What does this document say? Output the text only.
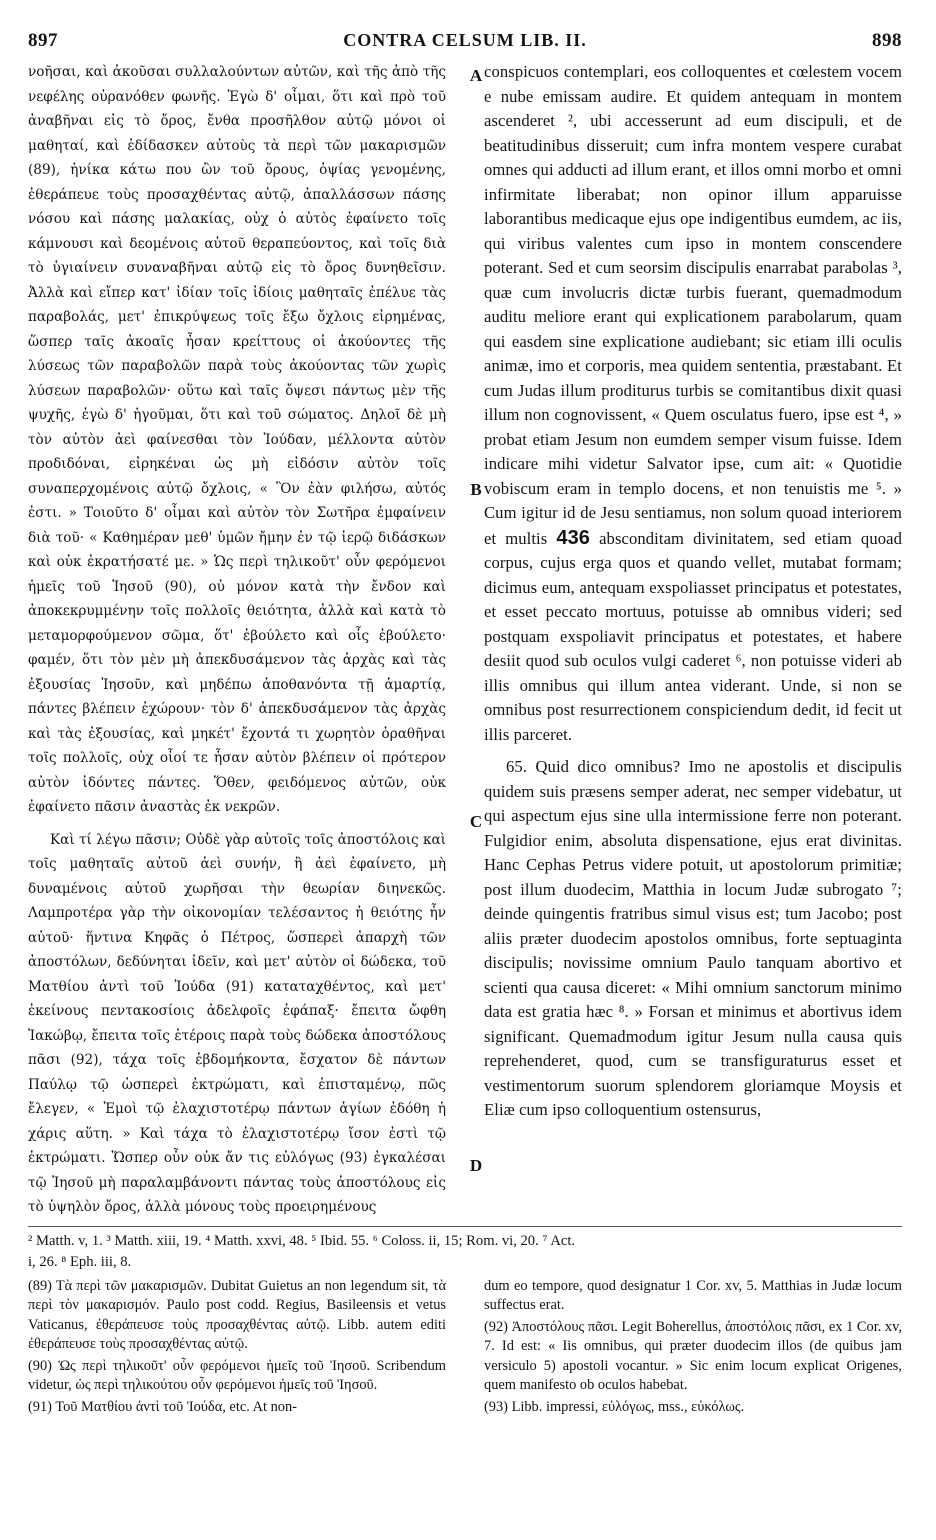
897	CONTRA CELSUM LIB. II.	898
A
B
C
D

νοῆσαι, καὶ ἀκοῦσαι συλλαλούντων αὐτῶν, καὶ τῆς ἀπὸ τῆς νεφέλης οὐρανόθεν φωνῆς. Ἐγὼ δ' οἶμαι, ὅτι καὶ πρὸ τοῦ ἀναβῆναι εἰς τὸ ὄρος, ἔνθα προσῆλθον αὐτῷ μόνοι οἱ μαθηταί, καὶ ἐδίδασκεν αὐτοὺς τὰ περὶ τῶν μακαρισμῶν (89), ἡνίκα κάτω που ὢν τοῦ ὄρους, ὀψίας γενομένης, ἐθεράπευε τοὺς προσαχθέντας αὐτῷ, ἀπαλλάσσων πάσης νόσου καὶ πάσης μαλακίας, οὐχ ὁ αὐτὸς ἐφαίνετο τοῖς κάμνουσι καὶ δεομένοις αὐτοῦ θεραπεύοντος, καὶ τοῖς διὰ τὸ ὑγιαίνειν συναναβῆναι αὐτῷ εἰς τὸ ὄρος δυνηθεῖσιν. Ἀλλὰ καὶ εἴπερ κατ' ἰδίαν τοῖς ἰδίοις μαθηταῖς ἐπέλυε τὰς παραβολάς, μετ' ἐπικρύψεως τοῖς ἔξω ὄχλοις εἰρημένας, ὥσπερ ταῖς ἀκοαῖς ἦσαν κρείττους οἱ ἀκούοντες τῆς λύσεως τῶν παραβολῶν παρὰ τοὺς ἀκούοντας τῶν χωρὶς λύσεων παραβολῶν· οὕτω καὶ ταῖς ὄψεσι πάντως μὲν τῆς ψυχῆς, ἐγὼ δ' ἡγοῦμαι, ὅτι καὶ τοῦ σώματος. Δηλοῖ δὲ μὴ τὸν αὐτὸν ἀεὶ φαίνεσθαι τὸν Ἰούδαν, μέλλοντα αὐτὸν προδιδόναι, εἰρηκέναι ὡς μὴ εἰδόσιν αὐτὸν τοῖς συναπερχομένοις αὐτῷ ὄχλοις, « Ὃν ἐὰν φιλήσω, αὐτός ἐστι. » Τοιοῦτο δ' οἶμαι καὶ αὐτὸν τὸν Σωτῆρα ἐμφαίνειν διὰ τοῦ· « Καθημέραν μεθ' ὑμῶν ἤμην ἐν τῷ ἱερῷ διδάσκων καὶ οὐκ ἐκρατήσατέ με. » Ὡς περὶ τηλικοῦτ' οὖν φερόμενοι ἡμεῖς τοῦ Ἰησοῦ (90), οὐ μόνον κατὰ τὴν ἔνδον καὶ ἀποκεκρυμμένην τοῖς πολλοῖς θειότητα, ἀλλὰ καὶ κατὰ τὸ μεταμορφούμενον σῶμα, ὅτ' ἐβούλετο καὶ οἷς ἐβούλετο· φαμέν, ὅτι τὸν μὲν μὴ ἀπεκδυσάμενον τὰς ἀρχὰς καὶ τὰς ἐξουσίας Ἰησοῦν, καὶ μηδέπω ἀποθανόντα τῇ ἁμαρτίᾳ, πάντες βλέπειν ἐχώρουν· τὸν δ' ἀπεκδυσάμενον τὰς ἀρχὰς καὶ τὰς ἐξουσίας, καὶ μηκέτ' ἔχοντά τι χωρητὸν ὁραθῆναι τοῖς πολλοῖς, οὐχ οἷοί τε ἦσαν αὐτὸν βλέπειν οἱ πρότερον αὐτὸν ἰδόντες πάντες. Ὅθεν, φειδόμενος αὐτῶν, οὐκ ἐφαίνετο πᾶσιν ἀναστὰς ἐκ νεκρῶν.

Καὶ τί λέγω πᾶσιν; Οὐδὲ γὰρ αὐτοῖς τοῖς ἀποστόλοις καὶ τοῖς μαθηταῖς αὐτοῦ ἀεὶ συνήν, ἢ ἀεὶ ἐφαίνετο, μὴ δυναμένοις αὐτοῦ χωρῆσαι τὴν θεωρίαν διηνεκῶς. Λαμπροτέρα γὰρ τὴν οἰκονομίαν τελέσαντος ἡ θειότης ἦν αὐτοῦ· ἥντινα Κηφᾶς ὁ Πέτρος, ὥσπερεὶ ἀπαρχὴ τῶν ἀποστόλων, δεδύνηται ἰδεῖν, καὶ μετ' αὐτὸν οἱ δώδεκα, τοῦ Ματθίου ἀντὶ τοῦ Ἰούδα (91) καταταχθέντος, καὶ μετ' ἐκείνους πεντακοσίοις ἀδελφοῖς ἐφάπαξ· ἔπειτα ὤφθη Ἰακώβῳ, ἔπειτα τοῖς ἑτέροις παρὰ τοὺς δώδεκα ἀποστόλους πᾶσι (92), τάχα τοῖς ἑβδομήκοντα, ἔσχατον δὲ πάντων Παύλῳ τῷ ὡσπερεὶ ἐκτρώματι, καὶ ἐπισταμένῳ, πῶς ἔλεγεν, « Ἐμοὶ τῷ ἐλαχιστοτέρῳ πάντων ἁγίων ἐδόθη ἡ χάρις αὕτη. » Καὶ τάχα τὸ ἐλαχιστοτέρῳ ἴσον ἐστὶ τῷ ἐκτρώματι. Ὥσπερ οὖν οὐκ ἄν τις εὐλόγως (93) ἐγκαλέσαι τῷ Ἰησοῦ μὴ παραλαμβάνοντι πάντας τοὺς ἀποστόλους εἰς τὸ ὑψηλὸν ὄρος, ἀλλὰ μόνους τοὺς προειρημένους

conspicuos contemplari, eos colloquentes et cœlestem vocem e nube emissam audire. Et quidem antequam in montem ascenderet ², ubi accesserunt ad eum discipuli, et de beatitudinibus disseruit; cum infra montem vespere curabat omnes qui adducti ad illum erant, et illos omni morbo et omni infirmitate liberabat; non opinor illum apparuisse laborantibus medicaque ejus ope indigentibus eumdem, ac iis, qui viribus valentes cum ipso in montem conscendere poterant. Sed et cum seorsim discipulis enarrabat parabolas ³, quæ cum involucris dictæ turbis fuerant, quemadmodum auditu meliore erant qui explicationem parabolarum, quam qui easdem sine explicatione audiebant; sic etiam illi oculis animæ, imo et corporis, mea quidem sententia, præstabant. Et cum Judas illum proditurus turbis se comitantibus dixit quasi illum non cognovissent, « Quem osculatus fuero, ipse est ⁴, » probat etiam Jesum non eumdem semper visum fuisse. Idem indicare mihi videtur Salvator ipse, cum ait: « Quotidie vobiscum eram in templo docens, et non tenuistis me ⁵. » Cum igitur id de Jesu sentiamus, non solum quoad interiorem et multis 436 absconditam divinitatem, sed etiam quoad corpus, cujus erga quos et quando vellet, mutabat formam; dicimus eum, antequam exspoliasset principatus et potestates, et esset peccato mortuus, potuisse ab omnibus videri; sed postquam exspoliavit principatus et potestates, et habere desiit quod sub oculos vulgi caderet ⁶, non potuisse videri ab illis omnibus qui illum antea viderant. Unde, si non se omnibus post resurrectionem conspiciendum dedit, id fecit ut illis parceret.

65. Quid dico omnibus? Imo ne apostolis et discipulis quidem suis præsens semper aderat, nec semper videbatur, ut qui aspectum ejus sine ulla intermissione ferre non poterant. Fulgidior enim, absoluta dispensatione, ejus erat divinitas. Hanc Cephas Petrus videre potuit, ut apostolorum primitiæ; post illum duodecim, Matthia in locum Judæ subrogato ⁷; deinde quingentis fratribus simul visus est; tum Jacobo; post aliis præter duodecim apostolos omnibus, forte septuaginta discipulis; novissime omnium Paulo tanquam abortivo et scienti qua causa diceret: « Mihi omnium sanctorum minimo data est gratia hæc ⁸. » Forsan et minimus et abortivus idem significant. Quemadmodum igitur Jesum nulla causa quis reprehenderet, quod, cum se transfiguraturus esset et vestimentorum suorum splendorem gloriamque Moysis et Eliæ cum ipso colloquentium ostensurus,

² Matth. v, 1. ³ Matth. xiii, 19. ⁴ Matth. xxvi, 48. ⁵ Ibid. 55. ⁶ Coloss. ii, 15; Rom. vi, 20. ⁷ Act.
i, 26. ⁸ Eph. iii, 8.

(89) Τὰ περὶ τῶν μακαρισμῶν. Dubitat Guietus an non legendum sit, τὰ περὶ τὸν μακαρισμόν. Paulo post codd. Regius, Basileensis et vetus Vaticanus, ἐθεράπευσε τοὺς προσαχθέντας αὐτῷ. Libb. autem editi ἐθεράπευσε τοὺς προσαχθέντας αὐτῷ.

(90) Ὡς περὶ τηλικοῦτ' οὖν φερόμενοι ἡμεῖς τοῦ Ἰησοῦ. Scribendum videtur, ὡς περὶ τηλικούτου οὖν φερόμενοι ἡμεῖς τοῦ Ἰησοῦ.

(91) Τοῦ Ματθίου ἀντὶ τοῦ Ἰούδα, etc. At non-

dum eo tempore, quod designatur 1 Cor. xv, 5. Matthias in Judæ locum suffectus erat.

(92) Ἀποστόλους πᾶσι. Legit Boherellus, ἀποστόλοις πᾶσι, ex 1 Cor. xv, 7. Id est: « Iis omnibus, qui præter duodecim illos (de quibus jam versiculo 5) apostoli vocantur. » Sic enim locum explicat Origenes, quem manifesto ob oculos habebat.

(93) Libb. impressi, εὐλόγως, mss., εὐκόλως.
